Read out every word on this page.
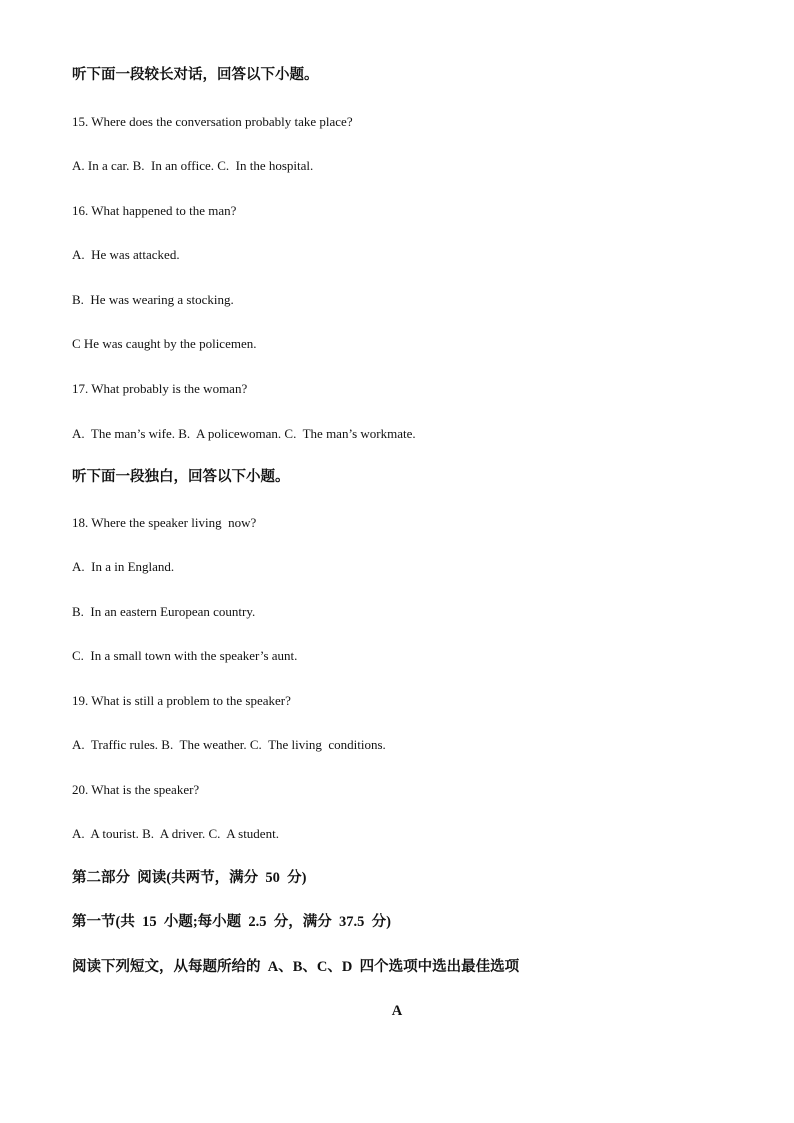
听下面一段较长对话，回答以下小题。
15. Where does the conversation probably take place?
A. In a car. B.  In an office. C.  In the hospital.
16. What happened to the man?
A.  He was attacked.
B.  He was wearing a stocking.
C He was caught by the policemen.
17. What probably is the woman?
A.  The man’s wife. B.  A policewoman. C.  The man’s workmate.
听下面一段独白，回答以下小题。
18. Where the speaker living  now?
A.  In a in England.
B.  In an eastern European country.
C.  In a small town with the speaker’s aunt.
19. What is still a problem to the speaker?
A.  Traffic rules. B.  The weather. C.  The living  conditions.
20. What is the speaker?
A.  A tourist. B.  A driver. C.  A student.
第二部分  阅读(共两节，满分  50  分)
第一节(共  15  小题;每小题  2.5  分，满分  37.5  分)
阅读下列短文，从每题所给的  A、B、C、D  四个选项中选出最佳选项
A
